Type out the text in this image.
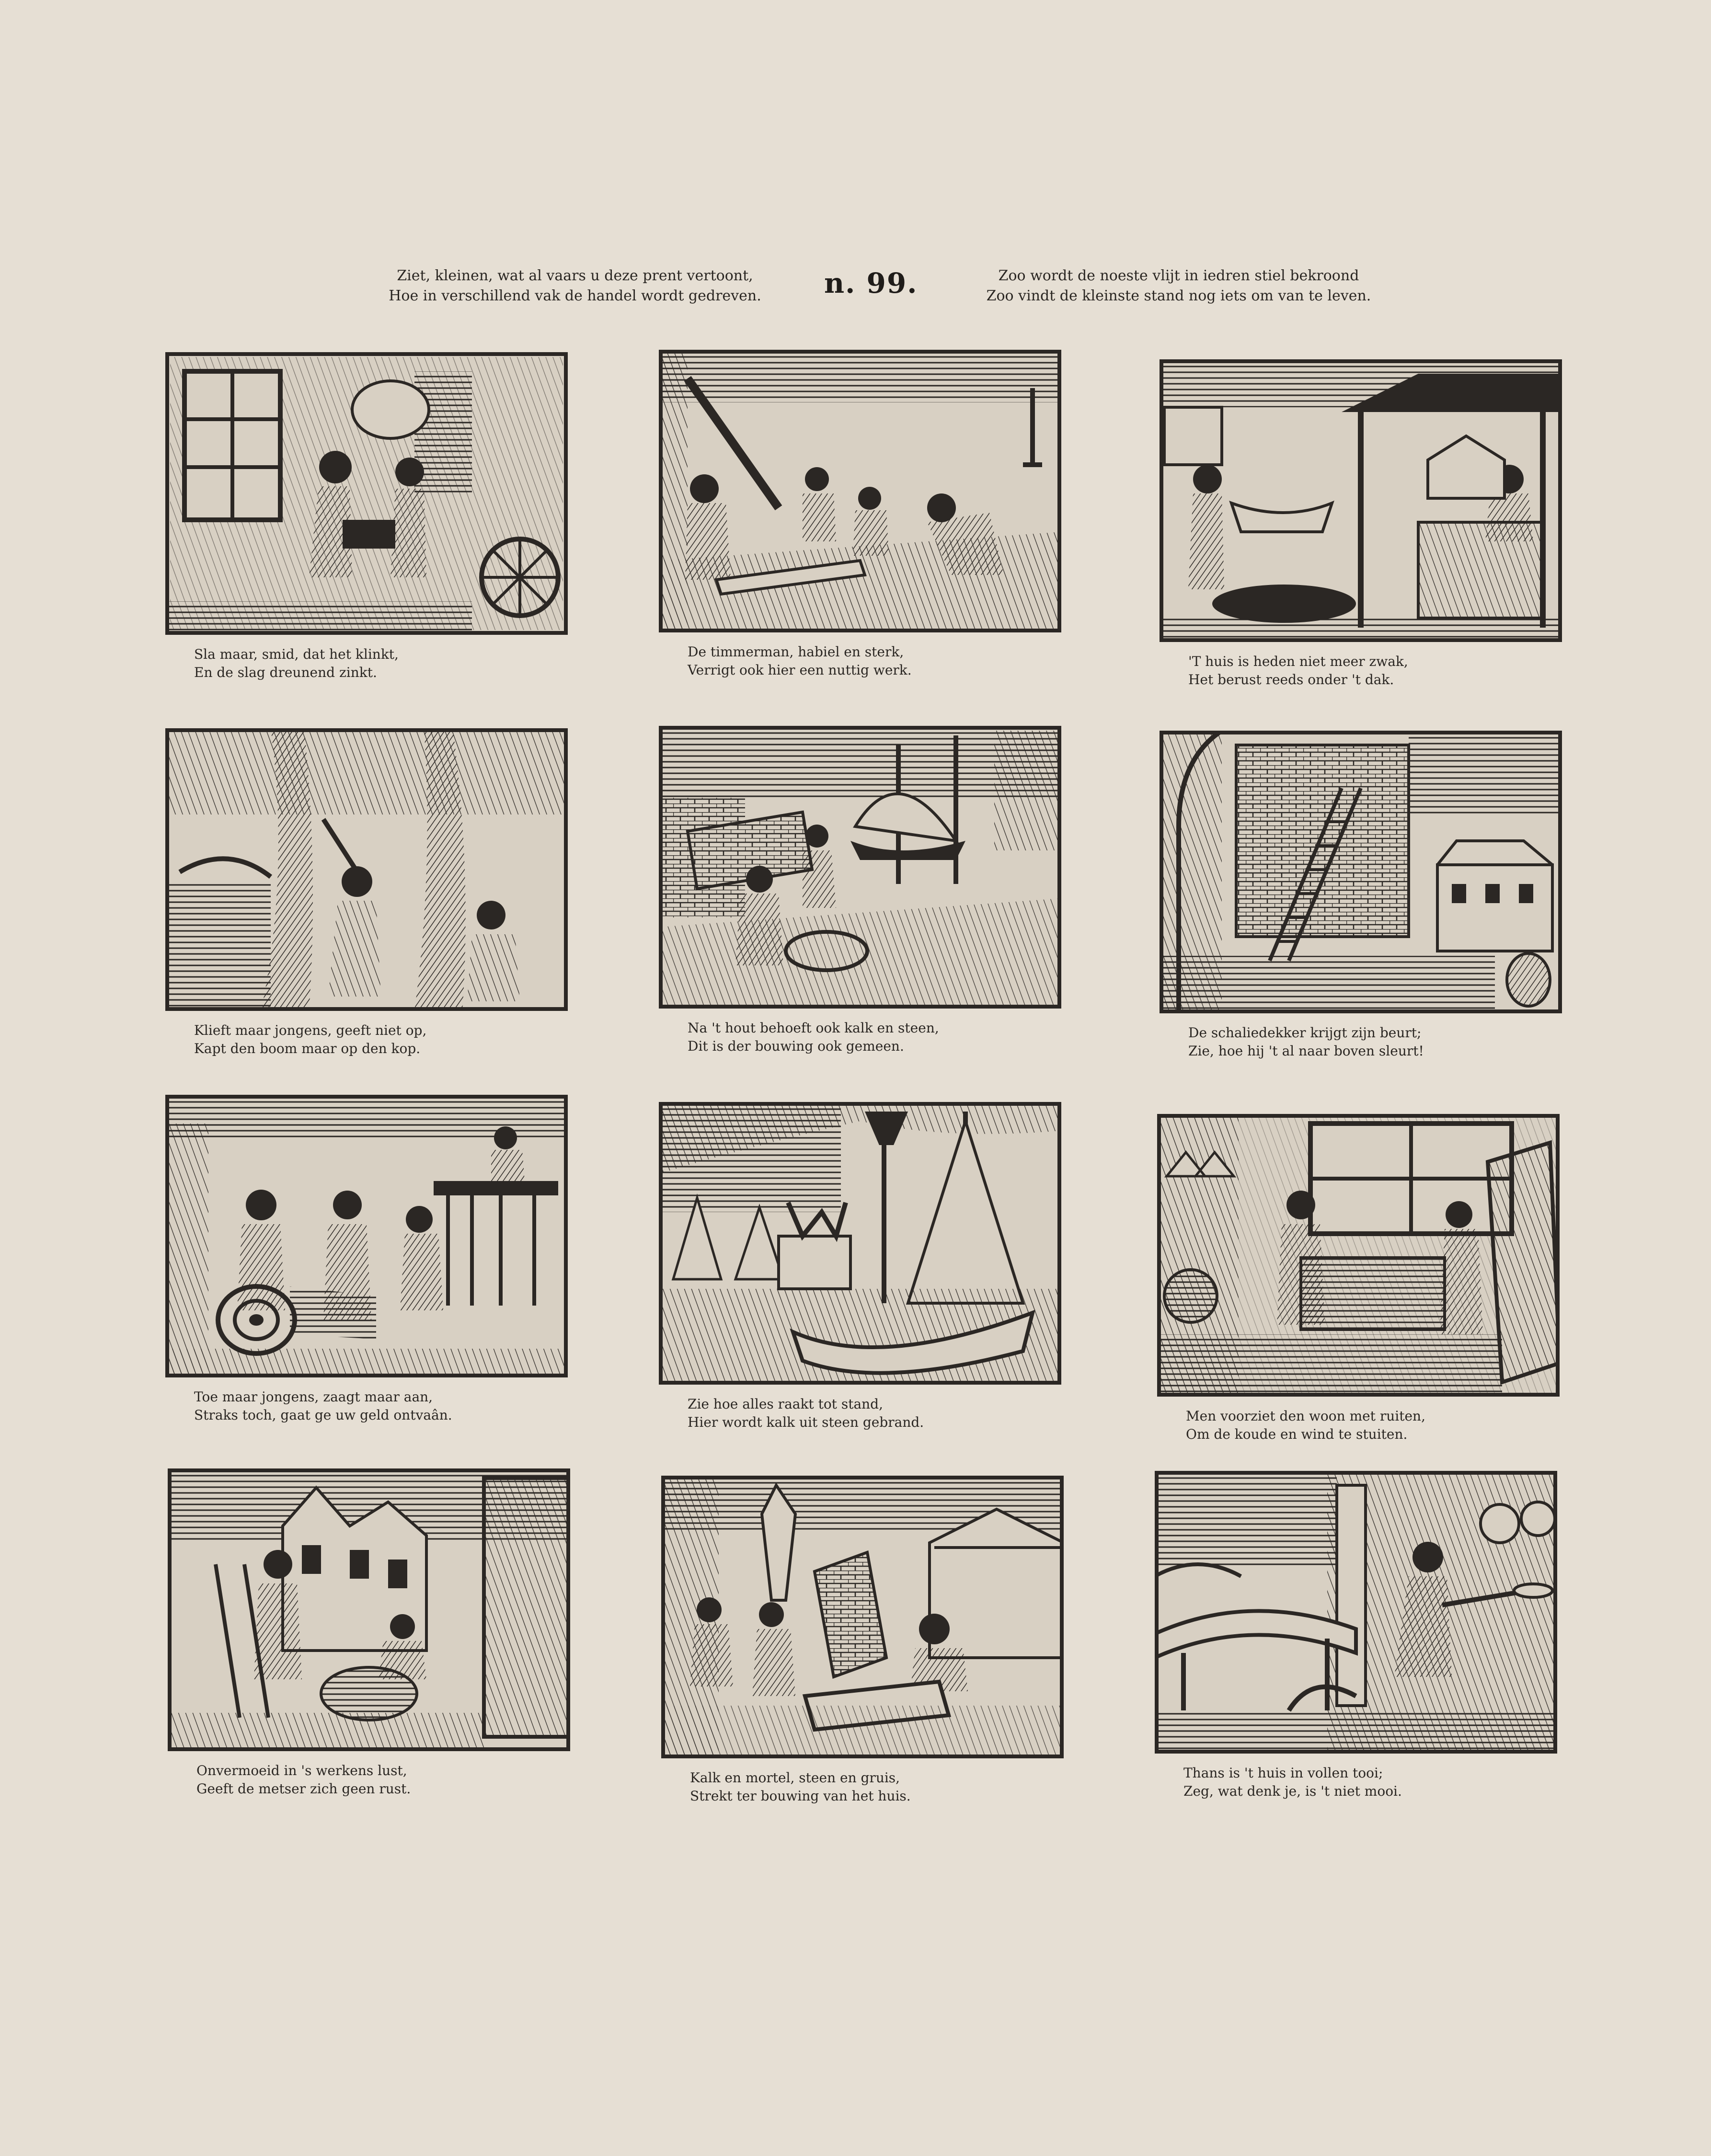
Ziet, kleinen, wat al vaars u deze prent vertoont,
Hoe in verschillend vak de handel wordt gedreven.	n. 99.	Zoo wordt de noeste vlijt in iedren stiel bekroond
Zoo vindt de kleinste stand nog iets om van te leven.
Sla maar, smid, dat het klinkt,
En de slag dreunend zinkt.
De timmerman, habiel en sterk,
Verrigt ook hier een nuttig werk.
'T huis is heden niet meer zwak,
Het berust reeds onder 't dak.
Klieft maar jongens, geeft niet op,
Kapt den boom maar op den kop.
Na 't hout behoeft ook kalk en steen,
Dit is der bouwing ook gemeen.
De schaliedekker krijgt zijn beurt;
Zie, hoe hij 't al naar boven sleurt!
Toe maar jongens, zaagt maar aan,
Straks toch, gaat ge uw geld ontvaân.
Zie hoe alles raakt tot stand,
Hier wordt kalk uit steen gebrand.	Men voorziet den woon met ruiten,
Om de koude en wind te stuiten.
Onvermoeid in 's werkens lust,
Geeft de metser zich geen rust.
Kalk en mortel, steen en gruis,
Strekt ter bouwing van het huis.
Thans is 't huis in vollen tooi;
Zeg, wat denk je, is 't niet mooi.
